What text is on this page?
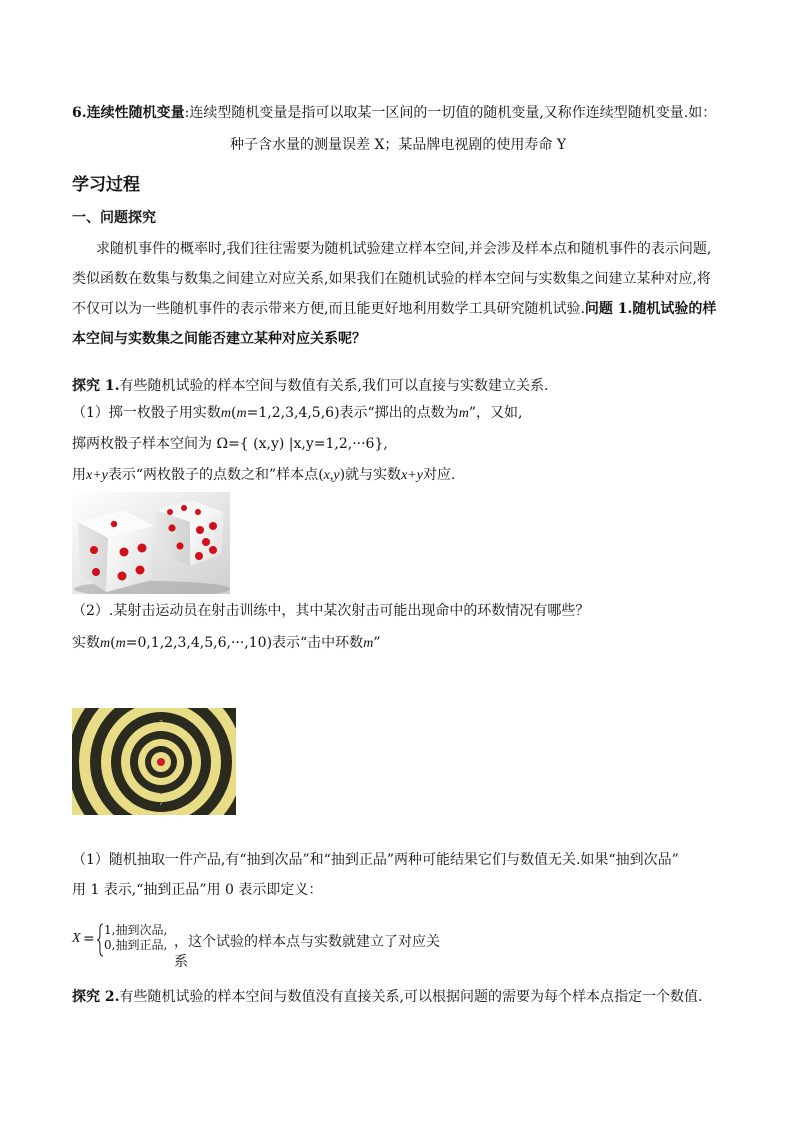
6.连续性随机变量:连续型随机变量是指可以取某一区间的一切值的随机变量,又称作连续型随机变量.如：
种子含水量的测量误差 X；某品牌电视剧的使用寿命 Y
学习过程
一、问题探究
求随机事件的概率时,我们往往需要为随机试验建立样本空间,并会涉及样本点和随机事件的表示问题,
类似函数在数集与数集之间建立对应关系,如果我们在随机试验的样本空间与实数集之间建立某种对应,将
不仅可以为一些随机事件的表示带来方便,而且能更好地利用数学工具研究随机试验.问题 1.随机试验的样
本空间与实数集之间能否建立某种对应关系呢？
探究 1.有些随机试验的样本空间与数值有关系,我们可以直接与实数建立关系.
（1）掷一枚骰子用实数m(m=1,2,3,4,5,6)表示“掷出的点数为m”，又如,
掷两枚骰子样本空间为 Ω={ (x,y) |x,y=1,2,···6},
用x+y表示“两枚骰子的点数之和”样本点(x,y)就与实数x+y对应.
（2）.某射击运动员在射击训练中，其中某次射击可能出现命中的环数情况有哪些？
实数m(m=0,1,2,3,4,5,6,···,10)表示“击中环数m”
7
8
9
9
8
7
（1）随机抽取一件产品,有“抽到次品”和“抽到正品”两种可能结果它们与数值无关.如果“抽到次品”
用 1 表示,“抽到正品”用 0 表示即定义：
X =
1,抽到次品,
0,抽到正品, ，这个试验的样本点与实数就建立了对应关系
探究 2.有些随机试验的样本空间与数值没有直接关系,可以根据问题的需要为每个样本点指定一个数值.
